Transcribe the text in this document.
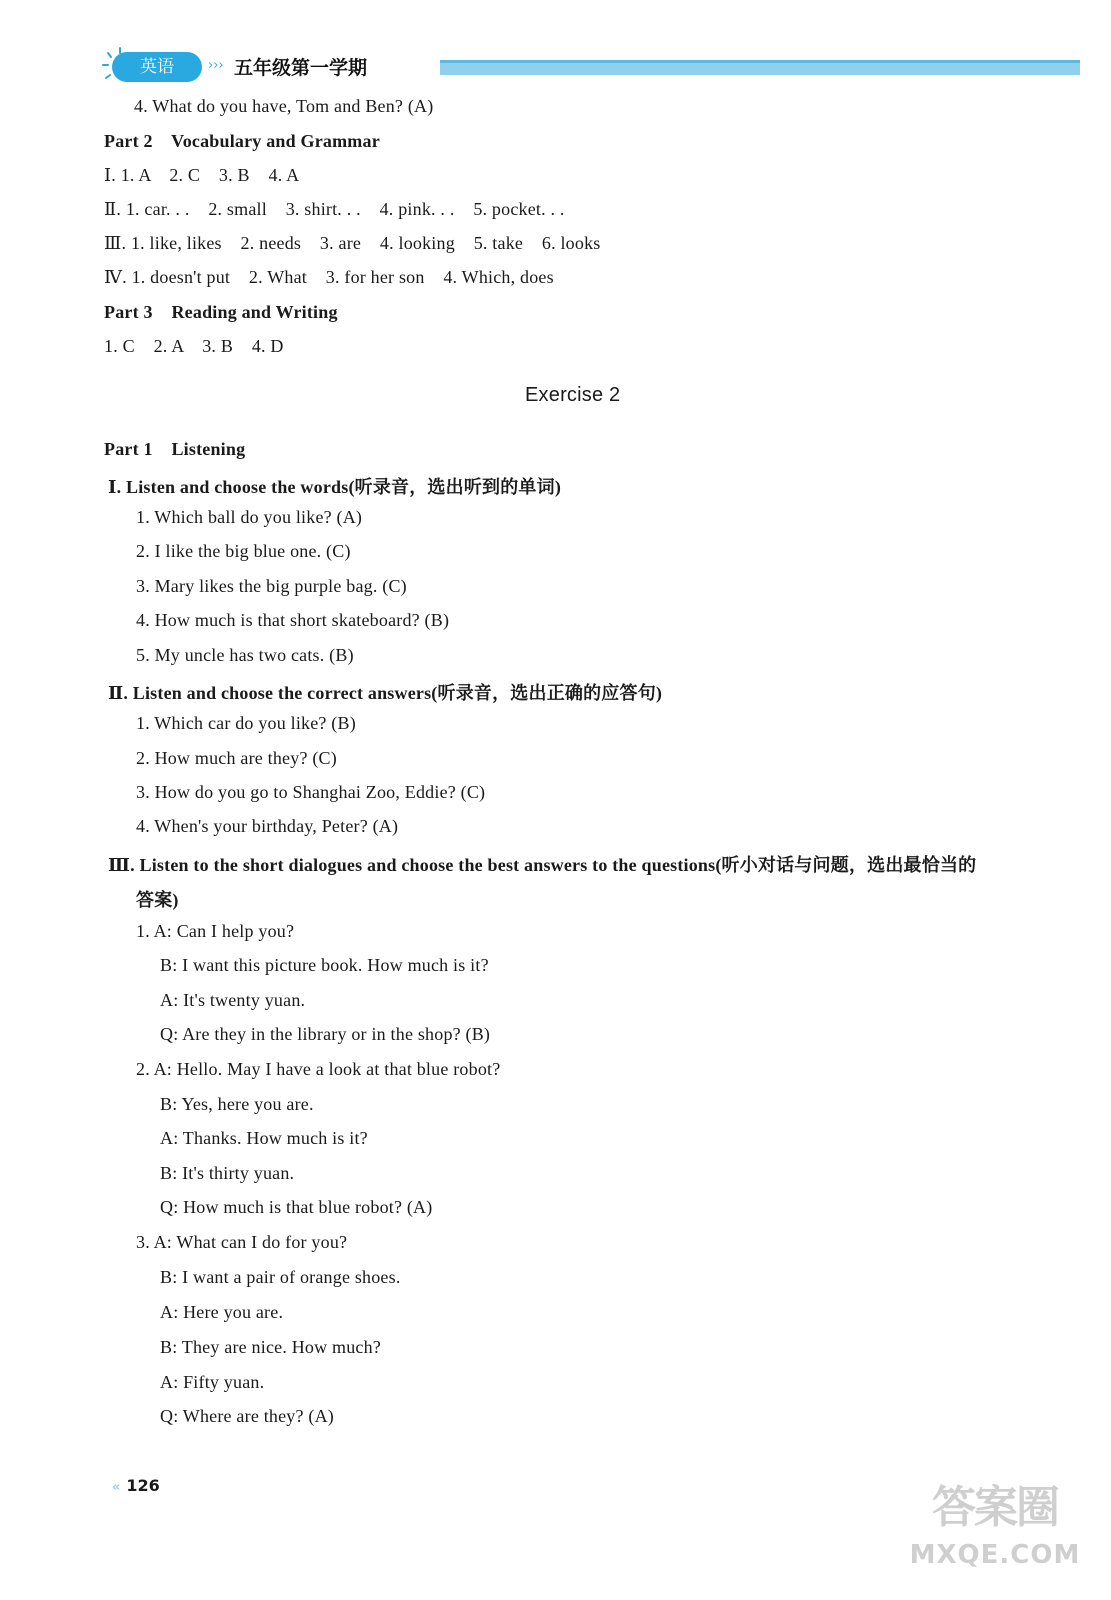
英语	››› 五年级第一学期
4. What do you have, Tom and Ben? (A)
Part 2    Vocabulary and Grammar
Ⅰ. 1. A    2. C    3. B    4. A
Ⅱ. 1. car. . .    2. small    3. shirt. . .    4. pink. . .    5. pocket. . .
Ⅲ. 1. like, likes    2. needs    3. are    4. looking    5. take    6. looks
Ⅳ. 1. doesn't put    2. What    3. for her son    4. Which, does
Part 3    Reading and Writing
1. C    2. A    3. B    4. D
Part 1    Listening
Ⅰ. Listen and choose the words(听录音，选出听到的单词)
1. Which ball do you like? (A)
2. I like the big blue one. (C)
3. Mary likes the big purple bag. (C)
4. How much is that short skateboard? (B)
5. My uncle has two cats. (B)
Ⅱ. Listen and choose the correct answers(听录音，选出正确的应答句)
1. Which car do you like? (B)
2. How much are they? (C)
3. How do you go to Shanghai Zoo, Eddie? (C)
4. When's your birthday, Peter? (A)
Ⅲ. Listen to the short dialogues and choose the best answers to the questions(听小对话与问题，选出最恰当的
答案)
1. A: Can I help you?
B: I want this picture book. How much is it?
A: It's twenty yuan.
Q: Are they in the library or in the shop? (B)
2. A: Hello. May I have a look at that blue robot?
B: Yes, here you are.
A: Thanks. How much is it?
B: It's thirty yuan.
Q: How much is that blue robot? (A)
3. A: What can I do for you?
B: I want a pair of orange shoes.
A: Here you are.
B: They are nice. How much?
A: Fifty yuan.
Q: Where are they? (A)
Exercise 2
« 126	答案圈
MXQE.COM
